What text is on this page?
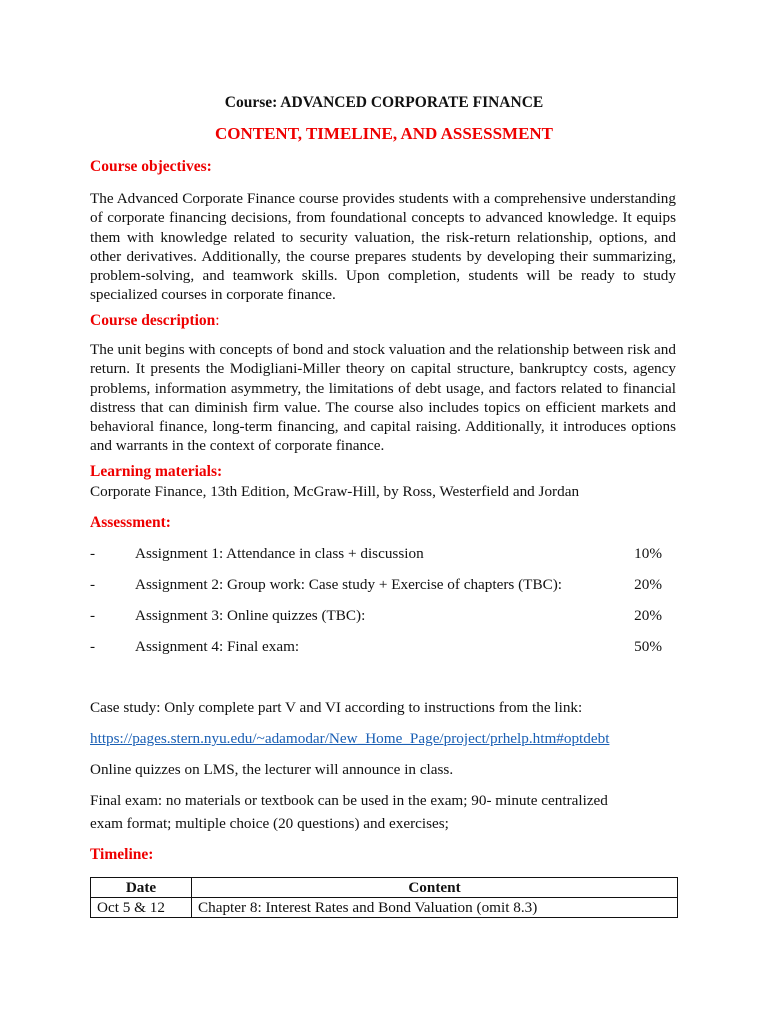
Course: ADVANCED CORPORATE FINANCE

CONTENT, TIMELINE, AND ASSESSMENT

Course objectives:

The Advanced Corporate Finance course provides students with a comprehensive understanding of corporate financing decisions, from foundational concepts to advanced knowledge. It equips them with knowledge related to security valuation, the risk-return relationship, options, and other derivatives. Additionally, the course prepares students by developing their summarizing, problem-solving, and teamwork skills. Upon completion, students will be ready to study specialized courses in corporate finance.

Course description:

The unit begins with concepts of bond and stock valuation and the relationship between risk and return. It presents the Modigliani-Miller theory on capital structure, bankruptcy costs, agency problems, information asymmetry, the limitations of debt usage, and factors related to financial distress that can diminish firm value. The course also includes topics on efficient markets and behavioral finance, long-term financing, and capital raising. Additionally, it introduces options and warrants in the context of corporate finance.

Learning materials:

Corporate Finance, 13th Edition, McGraw-Hill, by Ross, Westerfield and Jordan

Assessment:

-	Assignment 1: Attendance in class + discussion	10%
-	Assignment 2: Group work: Case study + Exercise of chapters (TBC):	20%
-	Assignment 3: Online quizzes (TBC):	20%
-	Assignment 4: Final exam:	50%

Case study: Only complete part V and VI according to instructions from the link:

https://pages.stern.nyu.edu/~adamodar/New_Home_Page/project/prhelp.htm#optdebt

Online quizzes on LMS, the lecturer will announce in class.

Final exam: no materials or textbook can be used in the exam; 90- minute centralized

exam format; multiple choice (20 questions) and exercises;

Timeline:

Date	Content
Oct 5 & 12	Chapter 8: Interest Rates and Bond Valuation (omit 8.3)
